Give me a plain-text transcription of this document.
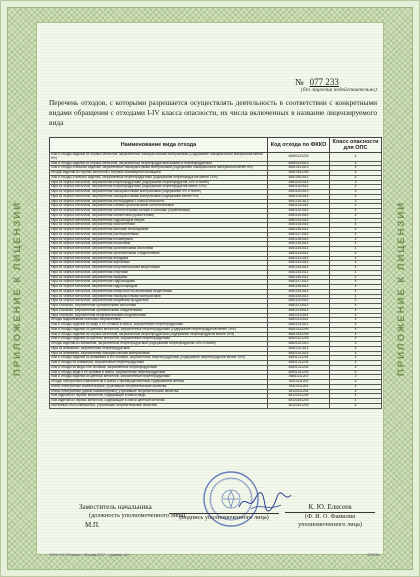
ПРИЛОЖЕНИЕ К ЛИЦЕНЗИИ	ПРИЛОЖЕНИЕ К ЛИЦЕНЗИИ
№ 077 233
(без лицензии недействительно)
Перечень отходов, с которыми разрешается осуществлять деятельность в соответствии с конкретными видами обращения с отходами I-IV класса опасности, их числа включенных в название лицензируемого вида
Наименование вида отхода	Код отхода по ФККО	Класс опасности для ОПС
лом и отходы изделий из черных металлов, загрязненные лакокрасочными материалами (содержание лакокрасочных материалов менее 5%)	46800120204	4
лом и отходы изделий из черных металлов, загрязненные нефтепродуктами взамен и нефтепродуктами	46800125514	4
лом и отходы стальных изделий, загрязненные лакокрасочными материалами (содержание лакокрасочных материалов менее 5%)	46810141514	4
отходы изделий из черных металлов с битумно-полимерной изоляцией	46810151204	4
лом и отходы стальных изделий, загрязненные нефтепродуктами (содержание нефтепродуктов менее 15%)	46810511514	4
тара из черных металлов, загрязненная нефтепродуктами (содержание нефтепродуктов 15% и более)	46811101513	3
тара из черных металлов, загрязненная нефтепродуктами (содержание нефтепродуктов менее 15%)	46811102514	4
тара из черных металлов, загрязненная лакокрасочными материалами (содержание 5% и более)	46811201513	3
тара из черных металлов, загрязненная лакокрасочными материалами (содержание менее 5%)	46811202514	4
тара из черных металлов, загрязненная пестицидами 3 класса опасности	46811301513	3
тара из черных металлов, загрязненная клеями органическими синтетическими	46811311514	4
тара из черных металлов, загрязненная синтетическими клеями и смолами (герметиками)	46811321514	4
тара из черных металлов, загрязненная пигментами (красителями)	46811331514	4
тара из черных металлов, загрязненная гидроксидом натрия	46811341514	4
тара из черных металлов, загрязненная окислителями	46811351514	4
тара из черных металлов, загрязненная смолами эпоксидными	46811361514	4
тара из черных металлов, загрязненная растворителями	46811371514	4
тара из черных металлов, загрязненная полимерами	46811381514	4
тара из черных металлов, загрязненная полиолами	46811391514	4
тара из черных металлов, загрязненная органическими кислотами	46811401514	4
тара из черных металлов, загрязненная органическими соединениями	46811411514	4
тара из черных металлов, загрязненная алкидами	46811421514	4
тара из черных металлов, загрязненная ацетатами	46811431514	4
тара из черных металлов, загрязненная неорганическими веществами	46811441514	4
тара из черных металлов, загрязненная спиртами	46811451514	4
тара из черных металлов, загрязненная эфирами	46811461514	4
тара из черных металлов, загрязненная гидроксидами	46811471514	4
тара из черных металлов, загрязненная гидрохлоридом	46811481514	4
тара из черных металлов, загрязненная поверхностно-активными веществами	46811491514	4
тара из черных металлов, загрязненная лакокрасочными материалами	46811501514	4
тара из черных металлов, загрязненная пищевыми продуктами	46811202524	4
тара стальная, загрязненная органическими кислотами	46811213514	4
тара стальная, загрязненная органическими соединениями	46811215514	4
тара стальная, загрязненная неорганическими соединениями	46812111514	4
отходы подшипников стальных загрязненные	46812111514	4
лом и отходы изделий из меди и ее сплавов в смеси, загрязненные нефтепродуктами	46811231514	4
лом и отходы изделий из цветных металлов, загрязненные нефтепродуктами (содержание нефтепродуктов менее 15%)	46810312294	4
лом и отходы изделий из черных металлов, загрязненные нефтепродуктами (содержание нефтепродуктов менее 15%)	46810312294	4
лом и отходы изделий из цветных металлов, загрязненные нефтепродуктами	46820121205	4
отходы изделий из алюминия, загрязненные нефтепродуктами (содержание нефтепродуктов 15% и более)	46821101313	3
тара из алюминия, загрязненная нефтепродуктами	46821101514	4
тара из алюминия, загрязненная лакокрасочными материалами	46821101514	4
лом и отходы изделий из алюминия и его сплавов, загрязненные нефтепродуктами (содержание нефтепродуктов менее 15%)	46831211204	4
лом и отходы из алюминия, загрязненные нефтепродуктами	46831211204	4
лом и отходы из меди и ее сплавов, загрязненные нефтепродуктами	46831311204	4
лом и отходы меди и ее сплавов в смеси, загрязненные нефтепродуктами	46831321204	4
лом и отходы изделий из цветных металлов, загрязненные нефтепродуктами	46841111204	3
отходы электронных компонентов и смеси с преимущественным содержанием железа	48110111204	4
платы электронные компьютерные, утратившие потребительские свойства	48110111204	4
платы электронные (кроме компьютерных), утратившие потребительские свойства	48120111204	4
лом изделий из черных металлов, содержащие в смеси медь	48120211204	4
лом изделий из черных металлов, содержащие в смеси цветные металлы	48120251204	4
системный блок компьютера, утративший потребительские свойства	48120151204	4
Заместитель начальника
(должность уполномоченного лица)
М.П.
(подпись уполномоченного лица)
К. Ю. Елисеев
(Ф. И. О. Фамилия уполномоченного лица)
ООО «Ст-У.Гознак» г. Москва 2017 – уровень «А»	020036
